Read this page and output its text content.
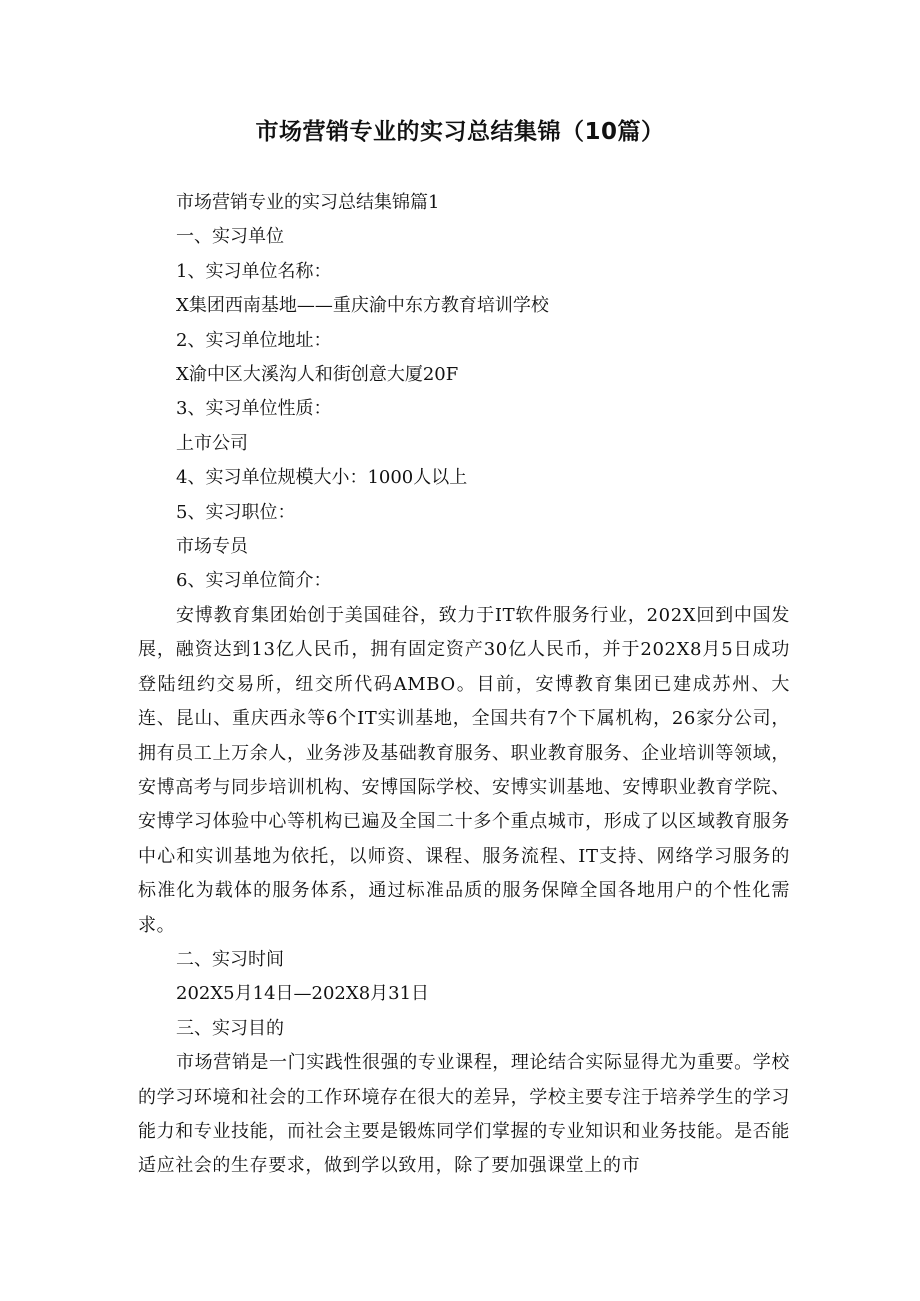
市场营销专业的实习总结集锦（10篇）

市场营销专业的实习总结集锦篇1

一、实习单位

1、实习单位名称：

X集团西南基地——重庆渝中东方教育培训学校

2、实习单位地址：

X渝中区大溪沟人和街创意大厦20F

3、实习单位性质：

上市公司

4、实习单位规模大小：1000人以上

5、实习职位：

市场专员

6、实习单位简介：

安博教育集团始创于美国硅谷，致力于IT软件服务行业，202X回到中国发展，融资达到13亿人民币，拥有固定资产30亿人民币，并于202X8月5日成功登陆纽约交易所，纽交所代码AMBO。目前，安博教育集团已建成苏州、大连、昆山、重庆西永等6个IT实训基地，全国共有7个下属机构，26家分公司，拥有员工上万余人，业务涉及基础教育服务、职业教育服务、企业培训等领域，安博高考与同步培训机构、安博国际学校、安博实训基地、安博职业教育学院、安博学习体验中心等机构已遍及全国二十多个重点城市，形成了以区域教育服务中心和实训基地为依托，以师资、课程、服务流程、IT支持、网络学习服务的标准化为载体的服务体系，通过标准品质的服务保障全国各地用户的个性化需求。

二、实习时间

202X5月14日—202X8月31日

三、实习目的

市场营销是一门实践性很强的专业课程，理论结合实际显得尤为重要。学校的学习环境和社会的工作环境存在很大的差异，学校主要专注于培养学生的学习能力和专业技能，而社会主要是锻炼同学们掌握的专业知识和业务技能。是否能适应社会的生存要求，做到学以致用，除了要加强课堂上的市
